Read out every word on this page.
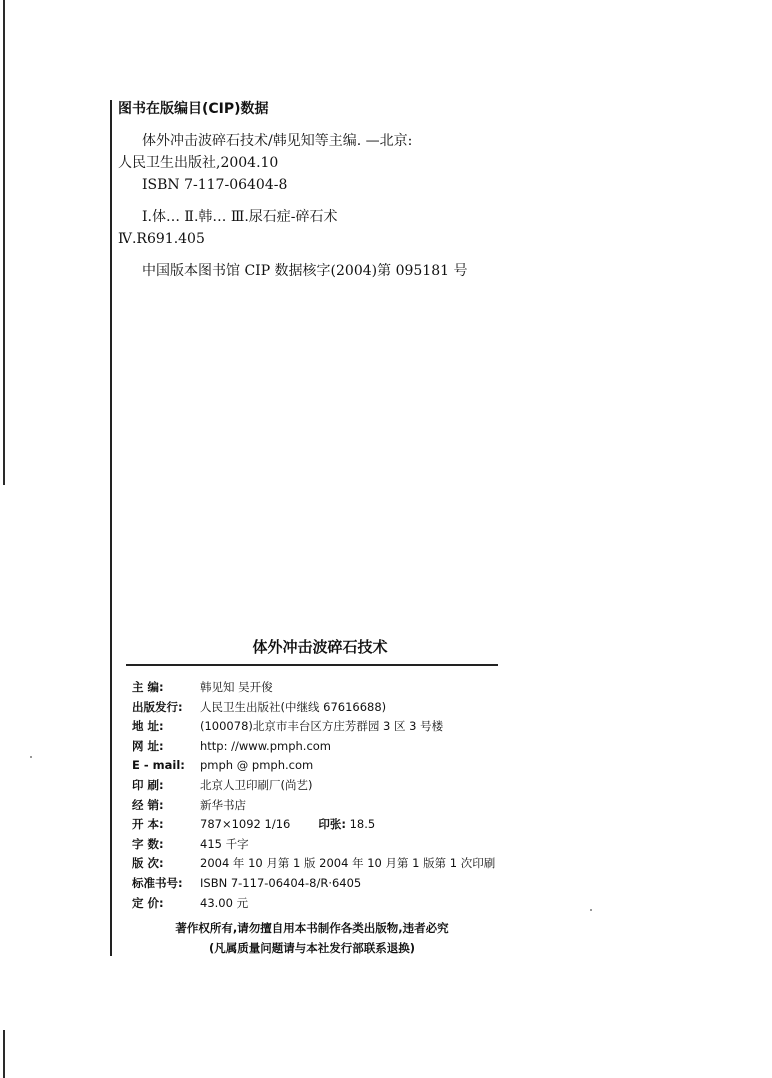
图书在版编目(CIP)数据
体外冲击波碎石技术/韩见知等主编. —北京:
人民卫生出版社,2004.10
ISBN 7-117-06404-8
Ⅰ.体… Ⅱ.韩… Ⅲ.尿石症-碎石术
Ⅳ.R691.405
中国版本图书馆 CIP 数据核字(2004)第 095181 号
体外冲击波碎石技术
主 编:	韩见知 吴开俊
出版发行:	人民卫生出版社(中继线 67616688)
地 址:	(100078)北京市丰台区方庄芳群园 3 区 3 号楼
网 址:	http: //www.pmph.com
E - mail:	pmph @ pmph.com
印 刷:	北京人卫印刷厂(尚艺)
经 销:	新华书店
开 本:	787×1092 1/16 印张: 18.5
字 数:	415 千字
版 次:	2004 年 10 月第 1 版 2004 年 10 月第 1 版第 1 次印刷
标准书号:	ISBN 7-117-06404-8/R·6405
定 价:	43.00 元
著作权所有,请勿擅自用本书制作各类出版物,违者必究
(凡属质量问题请与本社发行部联系退换)
